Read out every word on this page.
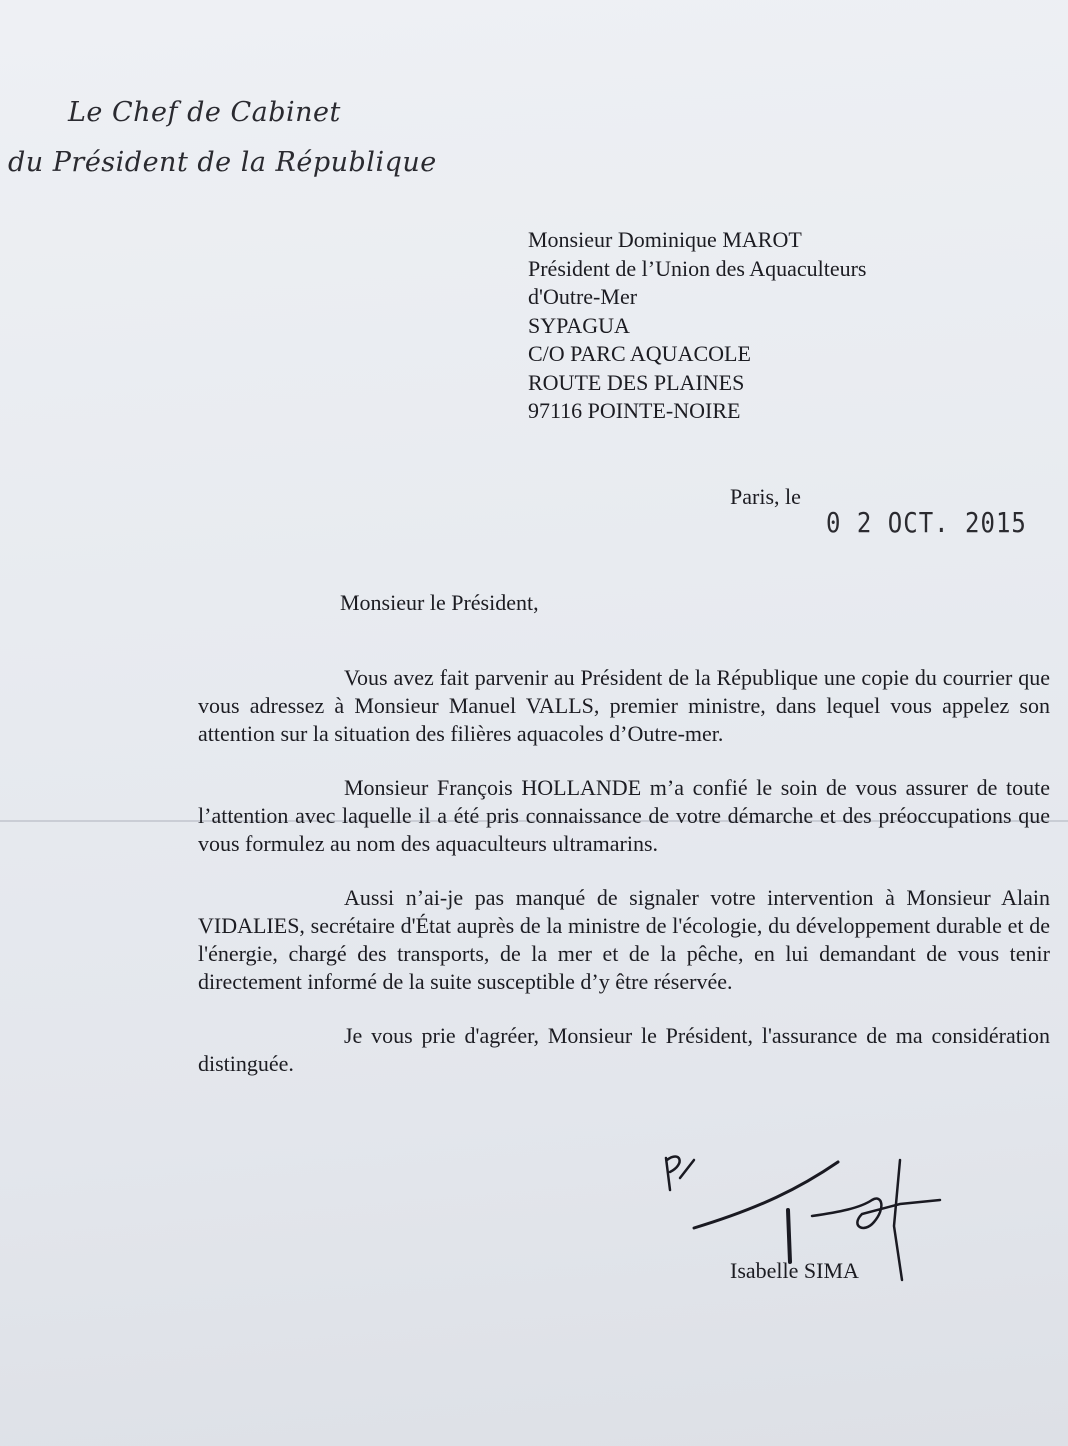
Le Chef de Cabinet
du Président de la République
Monsieur Dominique MAROT
Président de l’Union des Aquaculteurs
d'Outre-Mer
SYPAGUA
C/O PARC AQUACOLE
ROUTE DES PLAINES
97116 POINTE-NOIRE
Paris, le
0 2 OCT. 2015
Monsieur le Président,

Vous avez fait parvenir au Président de la République une copie du courrier que vous adressez à Monsieur Manuel VALLS, premier ministre, dans lequel vous appelez son attention sur la situation des filières aquacoles d’Outre-mer.

Monsieur François HOLLANDE m’a confié le soin de vous assurer de toute l’attention avec laquelle il a été pris connaissance de votre démarche et des préoccupations que vous formulez au nom des aquaculteurs ultramarins.

Aussi n’ai-je pas manqué de signaler votre intervention à Monsieur Alain VIDALIES, secrétaire d'État auprès de la ministre de l'écologie, du développement durable et de l'énergie, chargé des transports, de la mer et de la pêche, en lui demandant de vous tenir directement informé de la suite susceptible d’y être réservée.

Je vous prie d'agréer, Monsieur le Président, l'assurance de ma considération distinguée.

Isabelle SIMA
